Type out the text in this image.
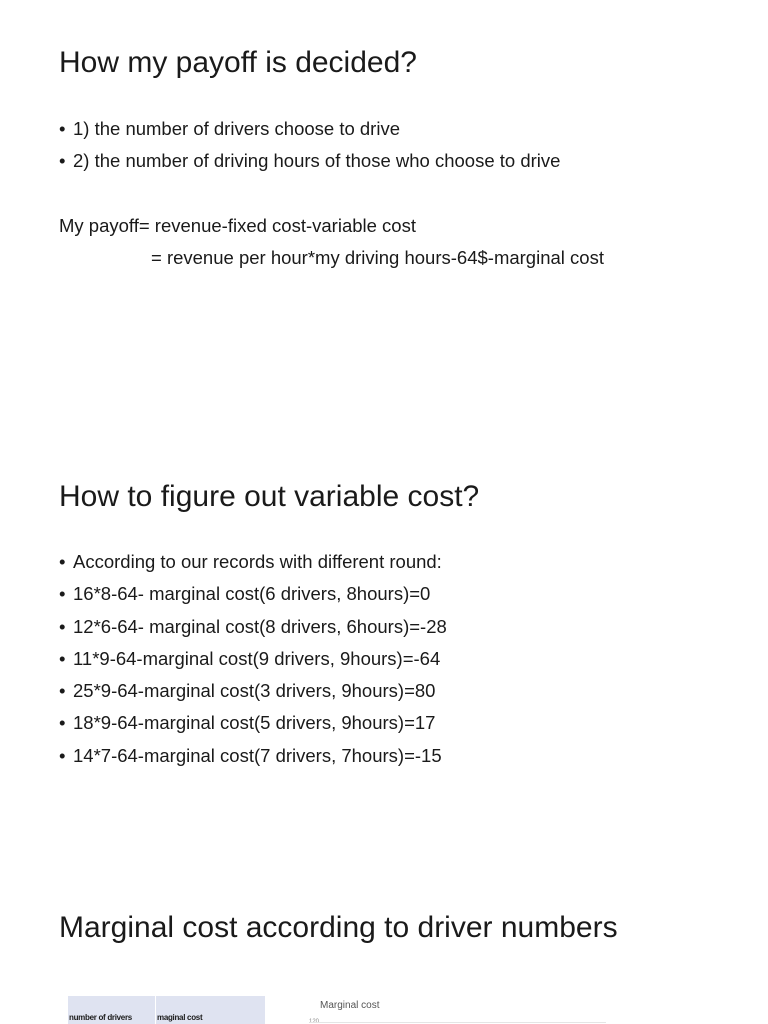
How my payoff is decided?
• 1) the number of drivers choose to drive
• 2) the number of driving hours of those who choose to drive

My payoff= revenue-fixed cost-variable cost

= revenue per hour*my driving hours-64$-marginal cost

How to figure out variable cost?
• According to our records with different round:
• 16*8-64- marginal cost(6 drivers, 8hours)=0
• 12*6-64- marginal cost(8 drivers, 6hours)=-28
• 11*9-64-marginal cost(9 drivers, 9hours)=-64
• 25*9-64-marginal cost(3 drivers, 9hours)=80
• 18*9-64-marginal cost(5 drivers, 9hours)=17
• 14*7-64-marginal cost(7 drivers, 7hours)=-15
Marginal cost according to driver numbers
number of drivers	maginal cost
Marginal cost
120
